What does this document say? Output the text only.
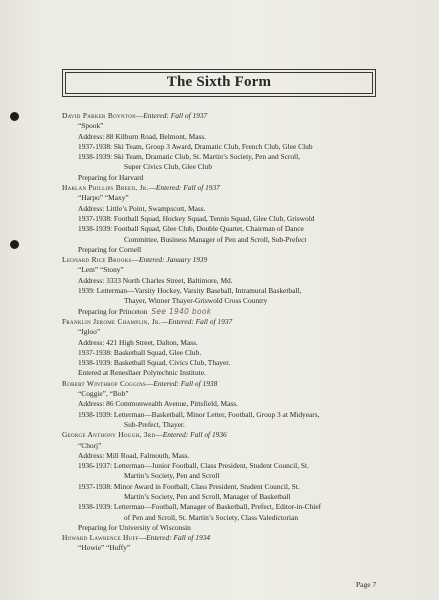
The Sixth Form
David Parker Boynton—Entered: Fall of 1937
“Spook”
Address: 88 Kilburn Road, Belmont, Mass.
1937-1938: Ski Team, Group 3 Award, Dramatic Club, French Club, Glee Club
1938-1939: Ski Team, Dramatic Club, St. Martin’s Society, Pen and Scroll,
Super Civics Club, Glee Club
Preparing for Harvard
Harlan Phillips Breed, Jr.—Entered: Fall of 1937
“Harpo” “Maxy”
Address: Little’s Point, Swampscott, Mass.
1937-1938: Football Squad, Hockey Squad, Tennis Squad, Glee Club, Griswold
1938-1939: Football Squad, Glee Club, Double Quartet, Chairman of Dance
Committee, Business Manager of Pen and Scroll, Sub-Prefect
Preparing for Cornell
Leonard Rice Brooks—Entered: January 1939
“Lem” “Stony”
Address: 3333 North Charles Street, Baltimore, Md.
1939: Letterman—Varsity Hockey, Varsity Baseball, Intramural Basketball,
Thayer, Winner Thayer-Griswold Cross Country
Preparing for Princeton See 1940 book
Franklin Jerome Champlin, Jr.—Entered: Fall of 1937
“Igloo”
Address: 421 High Street, Dalton, Mass.
1937-1938: Basketball Squad, Glee Club.
1938-1939: Basketball Squad, Civics Club, Thayer.
Entered at Renesllaer Polytechnic Institute.
Robert Winthrop Coggins—Entered: Fall of 1938
“Coggie”, “Bob”
Address: 86 Commonwealth Avenue, Pittsfield, Mass.
1938-1939: Letterman—Basketball, Minor Letter, Football, Group 3 at Midyears,
Sub-Prefect, Thayer.
George Anthony Hough, 3rd—Entered: Fall of 1936
“Chorj”
Address: Mill Road, Falmouth, Mass.
1936-1937: Letterman—Junior Football, Class President, Student Council, St.
Martin’s Society, Pen and Scroll
1937-1938: Minor Award in Football, Class President, Student Council, St.
Martin’s Society, Pen and Scroll, Manager of Basketball
1938-1939: Letterman—Football, Manager of Basketball, Prefect, Editor-in-Chief
of Pen and Scroll, St. Martin’s Society, Class Valedictorian
Preparing for University of Wisconsin
Howard Lawrence Huff—Entered: Fall of 1934
“Howie” “Huffy”
Page 7
